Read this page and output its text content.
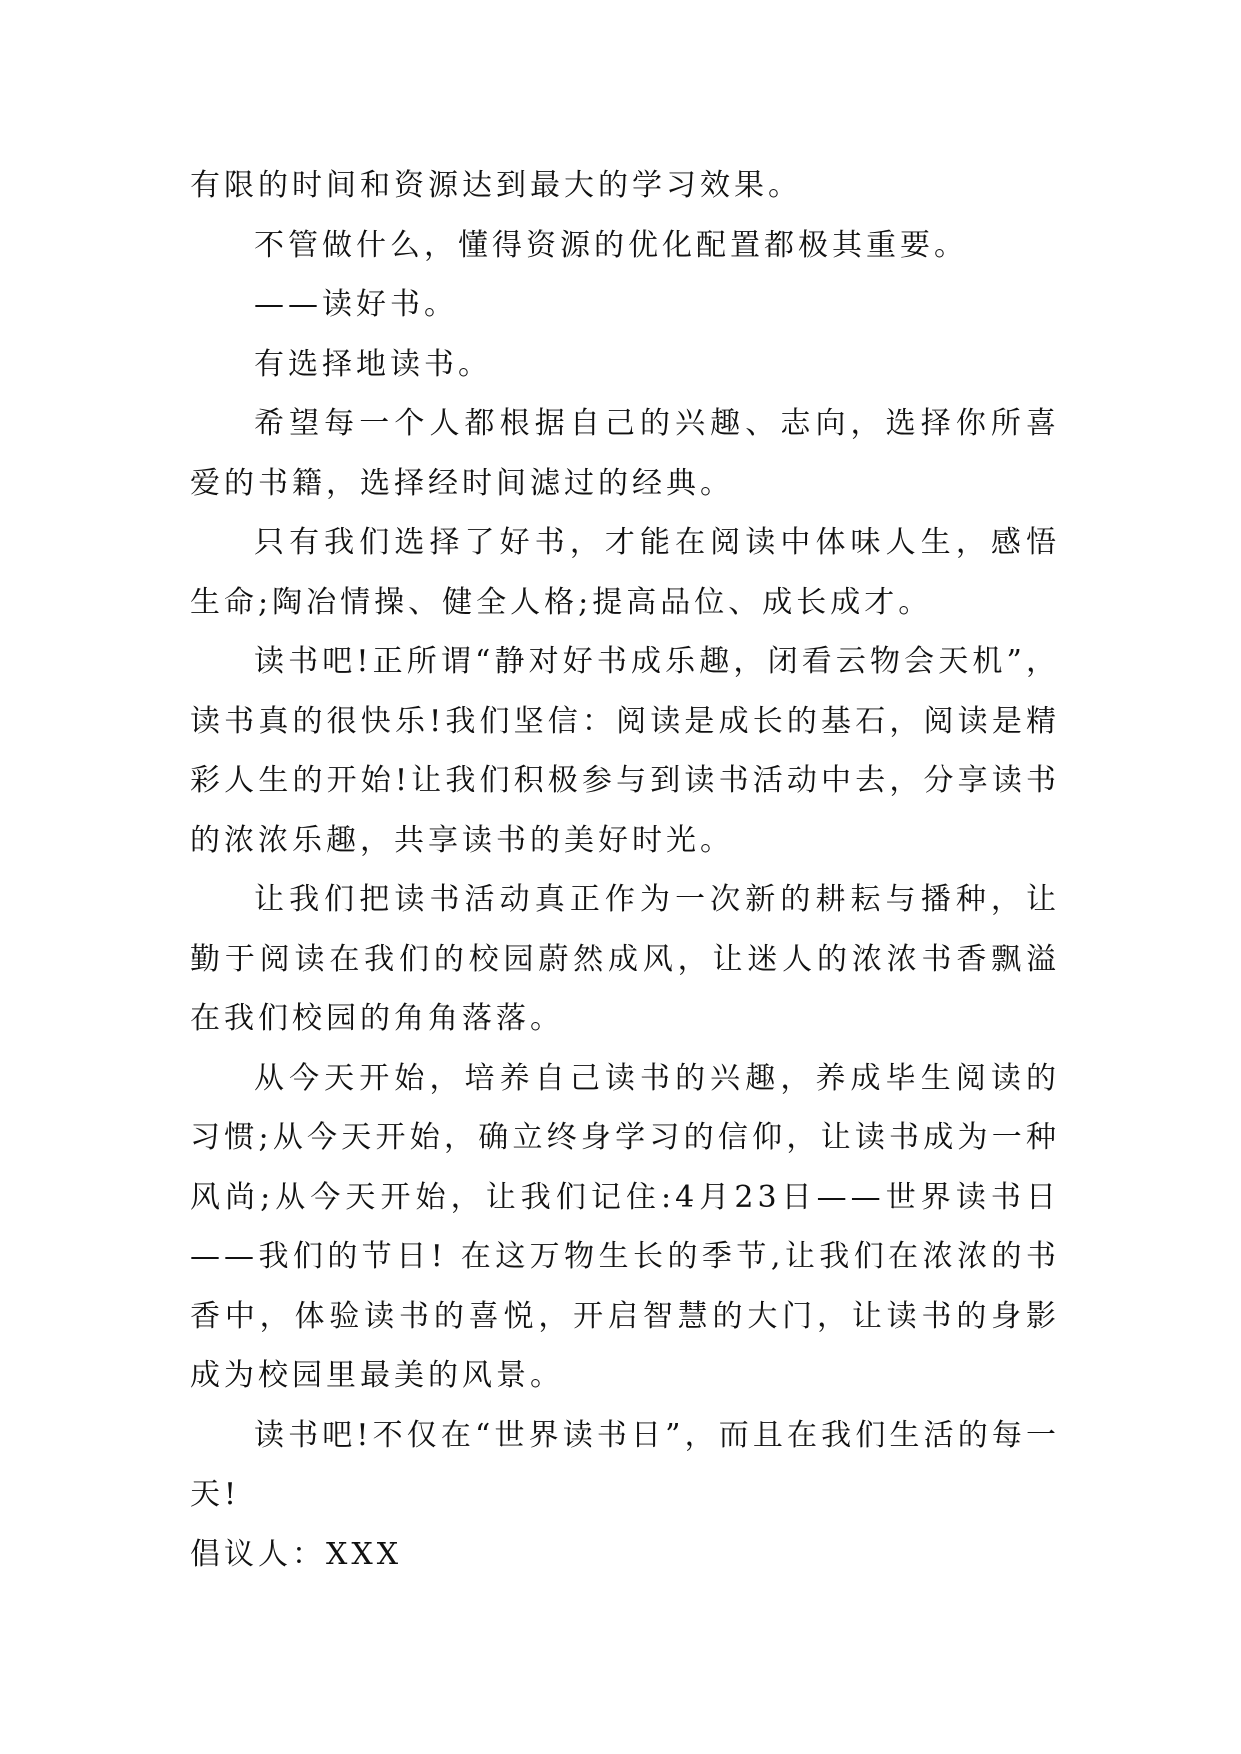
有限的时间和资源达到最大的学习效果。

不管做什么，懂得资源的优化配置都极其重要。

——读好书。

有选择地读书。

希望每一个人都根据自己的兴趣、志向，选择你所喜爱的书籍，选择经时间滤过的经典。

只有我们选择了好书，才能在阅读中体味人生，感悟生命;陶冶情操、健全人格;提高品位、成长成才。

读书吧!正所谓“静对好书成乐趣，闭看云物会天机”，读书真的很快乐!我们坚信：阅读是成长的基石，阅读是精彩人生的开始!让我们积极参与到读书活动中去，分享读书的浓浓乐趣，共享读书的美好时光。

让我们把读书活动真正作为一次新的耕耘与播种，让勤于阅读在我们的校园蔚然成风，让迷人的浓浓书香飘溢在我们校园的角角落落。

从今天开始，培养自己读书的兴趣，养成毕生阅读的习惯;从今天开始，确立终身学习的信仰，让读书成为一种风尚;从今天开始，让我们记住:4月23日——世界读书日——我们的节日! 在这万物生长的季节,让我们在浓浓的书香中，体验读书的喜悦，开启智慧的大门，让读书的身影成为校园里最美的风景。

读书吧!不仅在“世界读书日”，而且在我们生活的每一天!

倡议人：XXX
